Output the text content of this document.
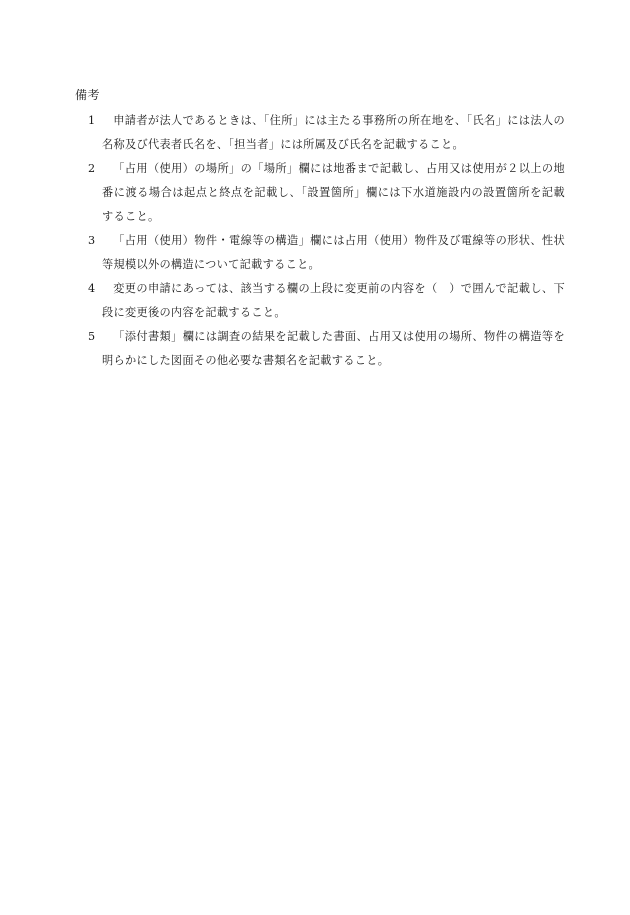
備考
1	申請者が法人であるときは、「住所」には主たる事務所の所在地を、「氏名」には法人の名称及び代表者氏名を、「担当者」には所属及び氏名を記載すること。
2	「占用（使用）の場所」の「場所」欄には地番まで記載し、占用又は使用が２以上の地番に渡る場合は起点と終点を記載し、「設置箇所」欄には下水道施設内の設置箇所を記載すること。
3	「占用（使用）物件・電線等の構造」欄には占用（使用）物件及び電線等の形状、性状等規模以外の構造について記載すること。
4	変更の申請にあっては、該当する欄の上段に変更前の内容を（　）で囲んで記載し、下段に変更後の内容を記載すること。
5	「添付書類」欄には調査の結果を記載した書面、占用又は使用の場所、物件の構造等を明らかにした図面その他必要な書類名を記載すること。
